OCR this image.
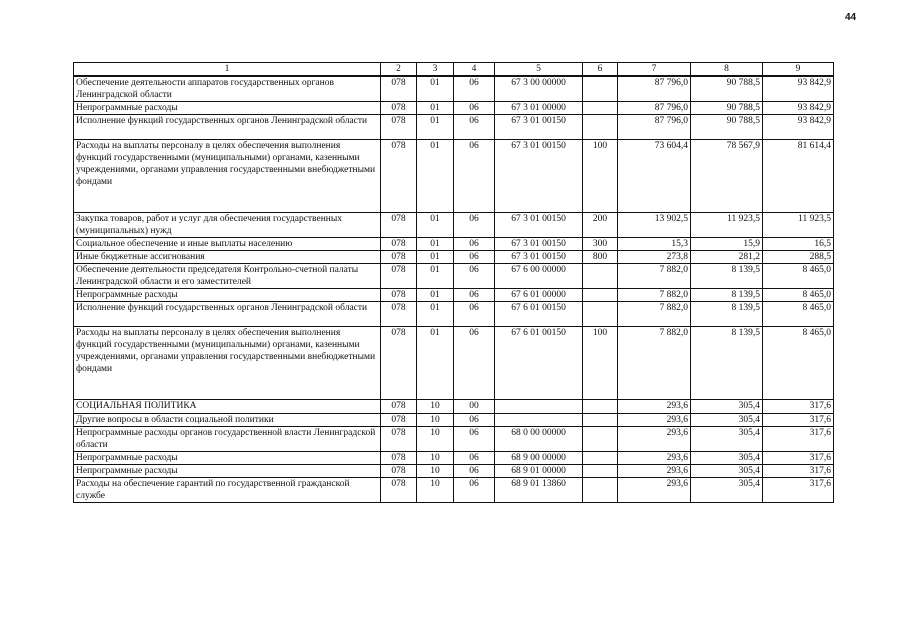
44
1	2	3	4	5	6	7	8	9
Обеспечение деятельности аппаратов государственных органов Ленинградской области	078	01	06	67 3 00 00000		87 796,0	90 788,5	93 842,9
Непрограммные расходы	078	01	06	67 3 01 00000		87 796,0	90 788,5	93 842,9
Исполнение функций государственных органов Ленинградской области	078	01	06	67 3 01 00150		87 796,0	90 788,5	93 842,9
Расходы на выплаты персоналу в целях обеспечения выполнения функций государственными (муниципальными) органами, казенными учреждениями, органами управления государственными внебюджетными фондами	078	01	06	67 3 01 00150	100	73 604,4	78 567,9	81 614,4
Закупка товаров, работ и услуг для обеспечения государственных (муниципальных) нужд	078	01	06	67 3 01 00150	200	13 902,5	11 923,5	11 923,5
Социальное обеспечение и иные выплаты населению	078	01	06	67 3 01 00150	300	15,3	15,9	16,5
Иные бюджетные ассигнования	078	01	06	67 3 01 00150	800	273,8	281,2	288,5
Обеспечение деятельности председателя Контрольно-счетной палаты Ленинградской области и его заместителей	078	01	06	67 6 00 00000		7 882,0	8 139,5	8 465,0
Непрограммные расходы	078	01	06	67 6 01 00000		7 882,0	8 139,5	8 465,0
Исполнение функций государственных органов Ленинградской области	078	01	06	67 6 01 00150		7 882,0	8 139,5	8 465,0
Расходы на выплаты персоналу в целях обеспечения выполнения функций государственными (муниципальными) органами, казенными учреждениями, органами управления государственными внебюджетными фондами	078	01	06	67 6 01 00150	100	7 882,0	8 139,5	8 465,0
СОЦИАЛЬНАЯ ПОЛИТИКА	078	10	00			293,6	305,4	317,6
Другие вопросы в области социальной политики	078	10	06			293,6	305,4	317,6
Непрограммные расходы органов государственной власти Ленинградской области	078	10	06	68 0 00 00000		293,6	305,4	317,6
Непрограммные расходы	078	10	06	68 9 00 00000		293,6	305,4	317,6
Непрограммные расходы	078	10	06	68 9 01 00000		293,6	305,4	317,6
Расходы на обеспечение гарантий по государственной гражданской службе	078	10	06	68 9 01 13860		293,6	305,4	317,6
